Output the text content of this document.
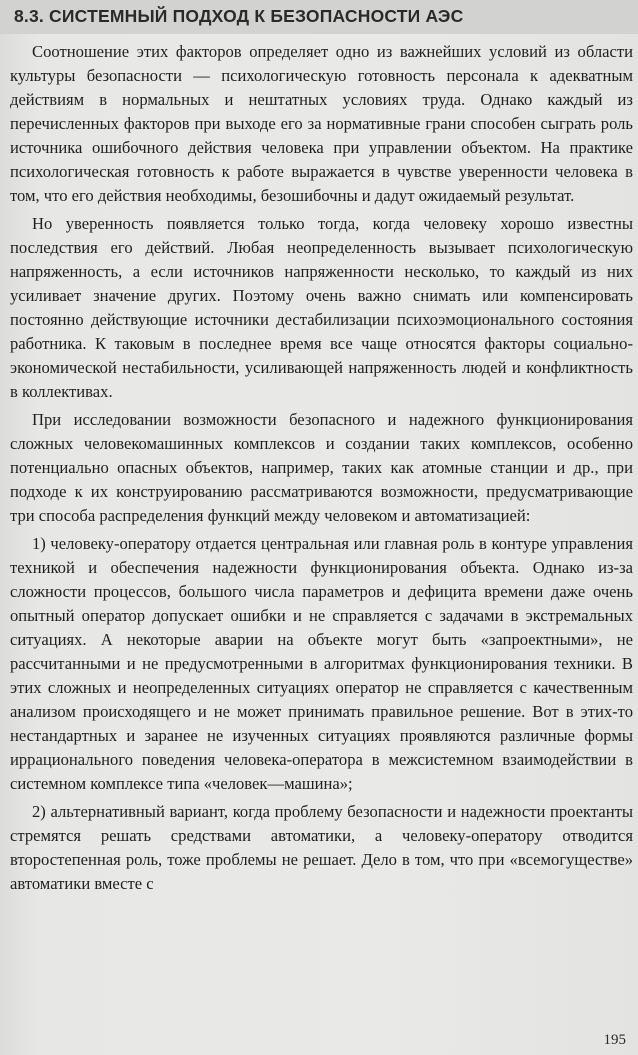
8.3. СИСТЕМНЫЙ ПОДХОД К БЕЗОПАСНОСТИ АЭС

Соотношение этих факторов определяет одно из важнейших условий из области культуры безопасности — психологическую готовность персонала к адекватным действиям в нормальных и нештатных условиях труда. Однако каждый из перечисленных факторов при выходе его за нормативные грани способен сыграть роль источника ошибочного действия человека при управлении объектом. На практике психологическая готовность к работе выражается в чувстве уверенности человека в том, что его действия необходимы, безошибочны и дадут ожидаемый результат.

Но уверенность появляется только тогда, когда человеку хорошо известны последствия его действий. Любая неопределенность вызывает психологическую напряженность, а если источников напряженности несколько, то каждый из них усиливает значение других. Поэтому очень важно снимать или компенсировать постоянно действующие источники дестабилизации психоэмоционального состояния работника. К таковым в последнее время все чаще относятся факторы социально-экономической нестабильности, усиливающей напряженность людей и конфликтность в коллективах.

При исследовании возможности безопасного и надежного функционирования сложных человекомашинных комплексов и создании таких комплексов, особенно потенциально опасных объектов, например, таких как атомные станции и др., при подходе к их конструированию рассматриваются возможности, предусматривающие три способа распределения функций между человеком и автоматизацией:

1) человеку-оператору отдается центральная или главная роль в контуре управления техникой и обеспечения надежности функционирования объекта. Однако из-за сложности процессов, большого числа параметров и дефицита времени даже очень опытный оператор допускает ошибки и не справляется с задачами в экстремальных ситуациях. А некоторые аварии на объекте могут быть «запроектными», не рассчитанными и не предусмотренными в алгоритмах функционирования техники. В этих сложных и неопределенных ситуациях оператор не справляется с качественным анализом происходящего и не может принимать правильное решение. Вот в этих-то нестандартных и заранее не изученных ситуациях проявляются различные формы иррационального поведения человека-оператора в межсистемном взаимодействии в системном комплексе типа «человек—машина»;

2) альтернативный вариант, когда проблему безопасности и надежности проектанты стремятся решать средствами автоматики, а человеку-оператору отводится второстепенная роль, тоже проблемы не решает. Дело в том, что при «всемогуществе» автоматики вместе с

195
